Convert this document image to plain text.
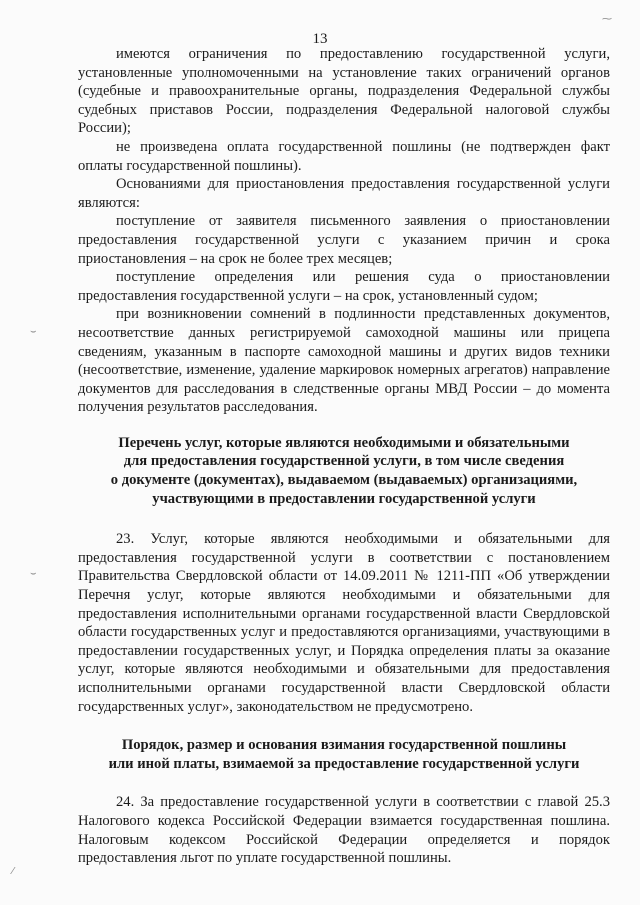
13
⁓
⌣
⌣
⁄

имеются ограничения по предоставлению государственной услуги, установленные уполномоченными на установление таких ограничений органов (судебные и правоохранительные органы, подразделения Федеральной службы судебных приставов России, подразделения Федеральной налоговой службы России);

не произведена оплата государственной пошлины (не подтвержден факт оплаты государственной пошлины).

Основаниями для приостановления предоставления государственной услуги являются:

поступление от заявителя письменного заявления о приостановлении предоставления государственной услуги с указанием причин и срока приостановления – на срок не более трех месяцев;

поступление определения или решения суда о приостановлении предоставления государственной услуги – на срок, установленный судом;

при возникновении сомнений в подлинности представленных документов, несоответствие данных регистрируемой самоходной машины или прицепа сведениям, указанным в паспорте самоходной машины и других видов техники (несоответствие, изменение, удаление маркировок номерных агрегатов) направление документов для расследования в следственные органы МВД России – до момента получения результатов расследования.

Перечень услуг, которые являются необходимыми и обязательными

для предоставления государственной услуги, в том числе сведения

о документе (документах), выдаваемом (выдаваемых) организациями,

участвующими в предоставлении государственной услуги

23. Услуг, которые являются необходимыми и обязательными для предоставления государственной услуги в соответствии с постановлением Правительства Свердловской области от 14.09.2011 № 1211-ПП «Об утверждении Перечня услуг, которые являются необходимыми и обязательными для предоставления исполнительными органами государственной власти Свердловской области государственных услуг и предоставляются организациями, участвующими в предоставлении государственных услуг, и Порядка определения платы за оказание услуг, которые являются необходимыми и обязательными для предоставления исполнительными органами государственной власти Свердловской области государственных услуг», законодательством не предусмотрено.

Порядок, размер и основания взимания государственной пошлины

или иной платы, взимаемой за предоставление государственной услуги

24. За предоставление государственной услуги в соответствии с главой 25.3 Налогового кодекса Российской Федерации взимается государственная пошлина. Налоговым кодексом Российской Федерации определяется и порядок предоставления льгот по уплате государственной пошлины.
